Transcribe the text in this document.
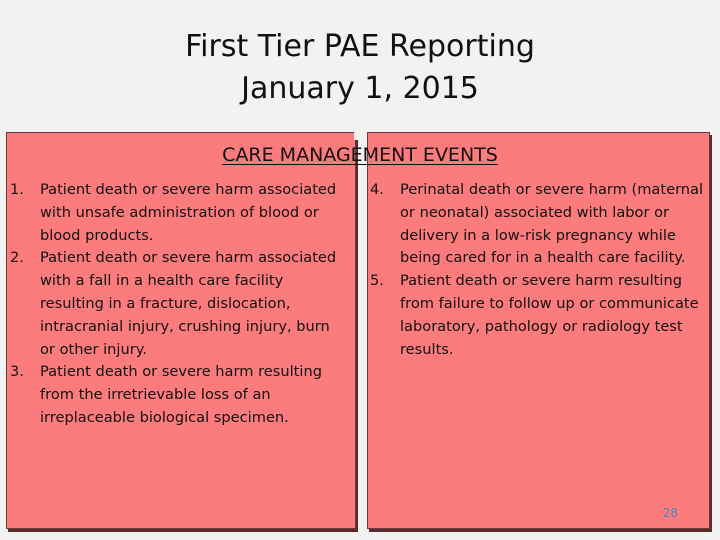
First Tier PAE Reporting
January 1, 2015
CARE MANAGEMENT EVENTS
1. Patient death or severe harm associated with unsafe administration of blood or blood products.
2. Patient death or severe harm associated with a fall in a health care facility resulting in a fracture, dislocation, intracranial injury, crushing injury, burn or other injury.
3. Patient death or severe harm resulting from the irretrievable loss of an irreplaceable biological specimen.
4. Perinatal death or severe harm (maternal or neonatal) associated with labor or delivery in a low-risk pregnancy while being cared for in a health care facility.
5. Patient death or severe harm resulting from failure to follow up or communicate laboratory, pathology or radiology test results.
28
